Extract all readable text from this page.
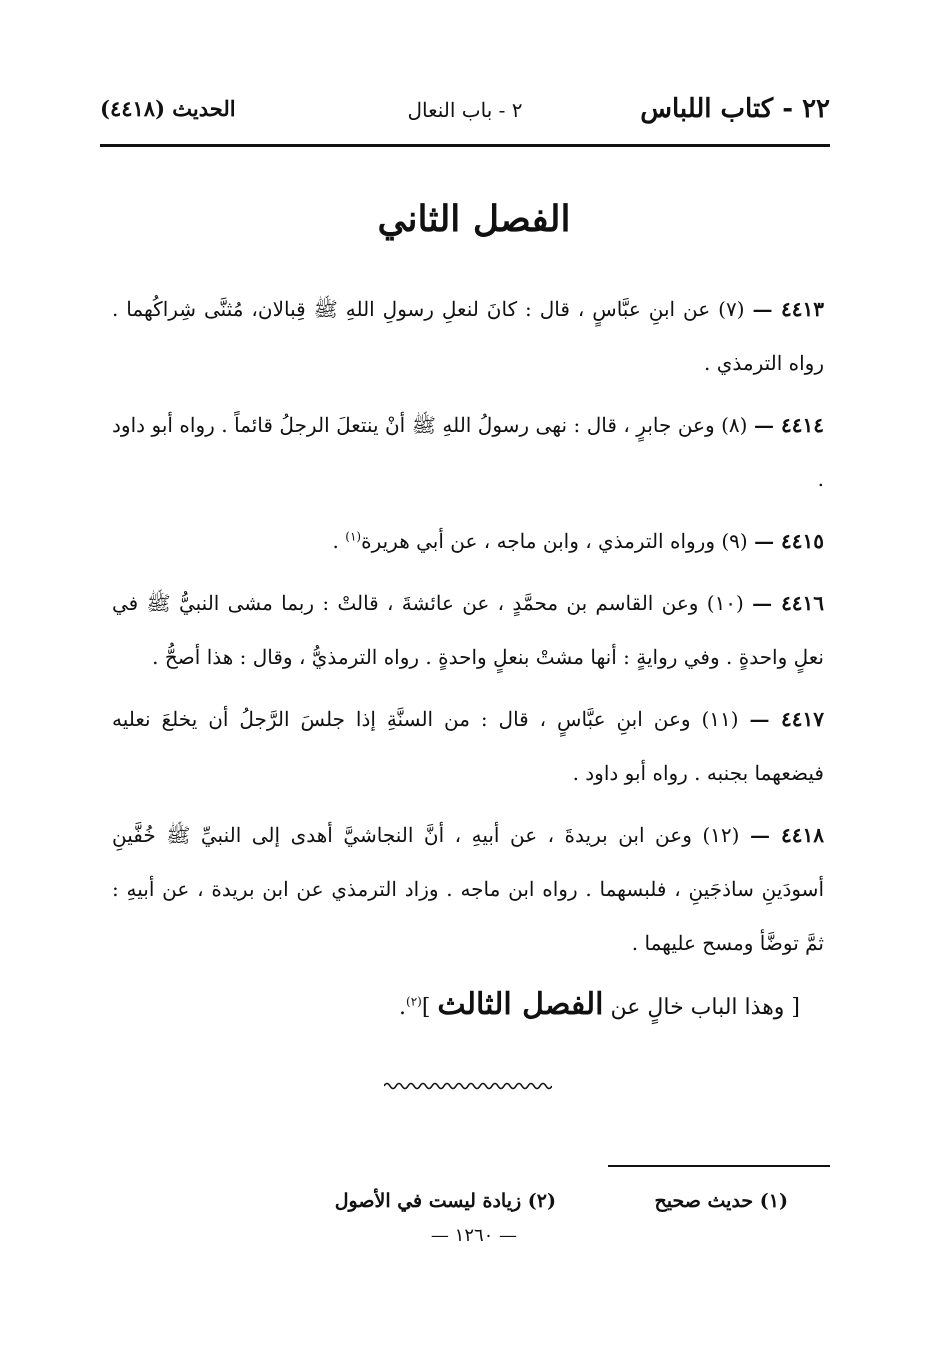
٢٢ - كتاب اللباس
٢ - باب النعال
الحديث (٤٤١٨)
الفصل الثاني

٤٤١٣ — (٧) عن ابنِ عبَّاسٍ ، قال : كانَ لنعلِ رسولِ اللهِ ﷺ قِبالان، مُثنَّى شِراكُهما . رواه الترمذي .

٤٤١٤ — (٨) وعن جابرٍ ، قال : نهى رسولُ اللهِ ﷺ أنْ ينتعلَ الرجلُ قائماً . رواه أبو داود .

٤٤١٥ — (٩) ورواه الترمذي ، وابن ماجه ، عن أبي هريرة$^{(١)}$ .

٤٤١٦ — (١٠) وعن القاسم بن محمَّدٍ ، عن عائشةَ ، قالتْ : ربما مشى النبيُّ ﷺ في نعلٍ واحدةٍ . وفي روايةٍ : أنها مشتْ بنعلٍ واحدةٍ . رواه الترمذيُّ ، وقال : هذا أصحُّ .

٤٤١٧ — (١١) وعن ابنِ عبَّاسٍ ، قال : من السنَّةِ إذا جلسَ الرَّجلُ أن يخلعَ نعليه فيضعهما بجنبه . رواه أبو داود .

٤٤١٨ — (١٢) وعن ابن بريدةَ ، عن أبيهِ ، أنَّ النجاشيَّ أهدى إلى النبيِّ ﷺ خُفَّينِ أسودَينِ ساذجَينِ ، فلبسهما . رواه ابن ماجه . وزاد الترمذي عن ابن بريدة ، عن أبيهِ : ثمَّ توضَّأ ومسح عليهما .

[ وهذا الباب خالٍ عن الفصل الثالث ]$^{(٢)}$.

(١) حديث صحيح
(٢) زيادة ليست في الأصول
— ١٢٦٠ —
